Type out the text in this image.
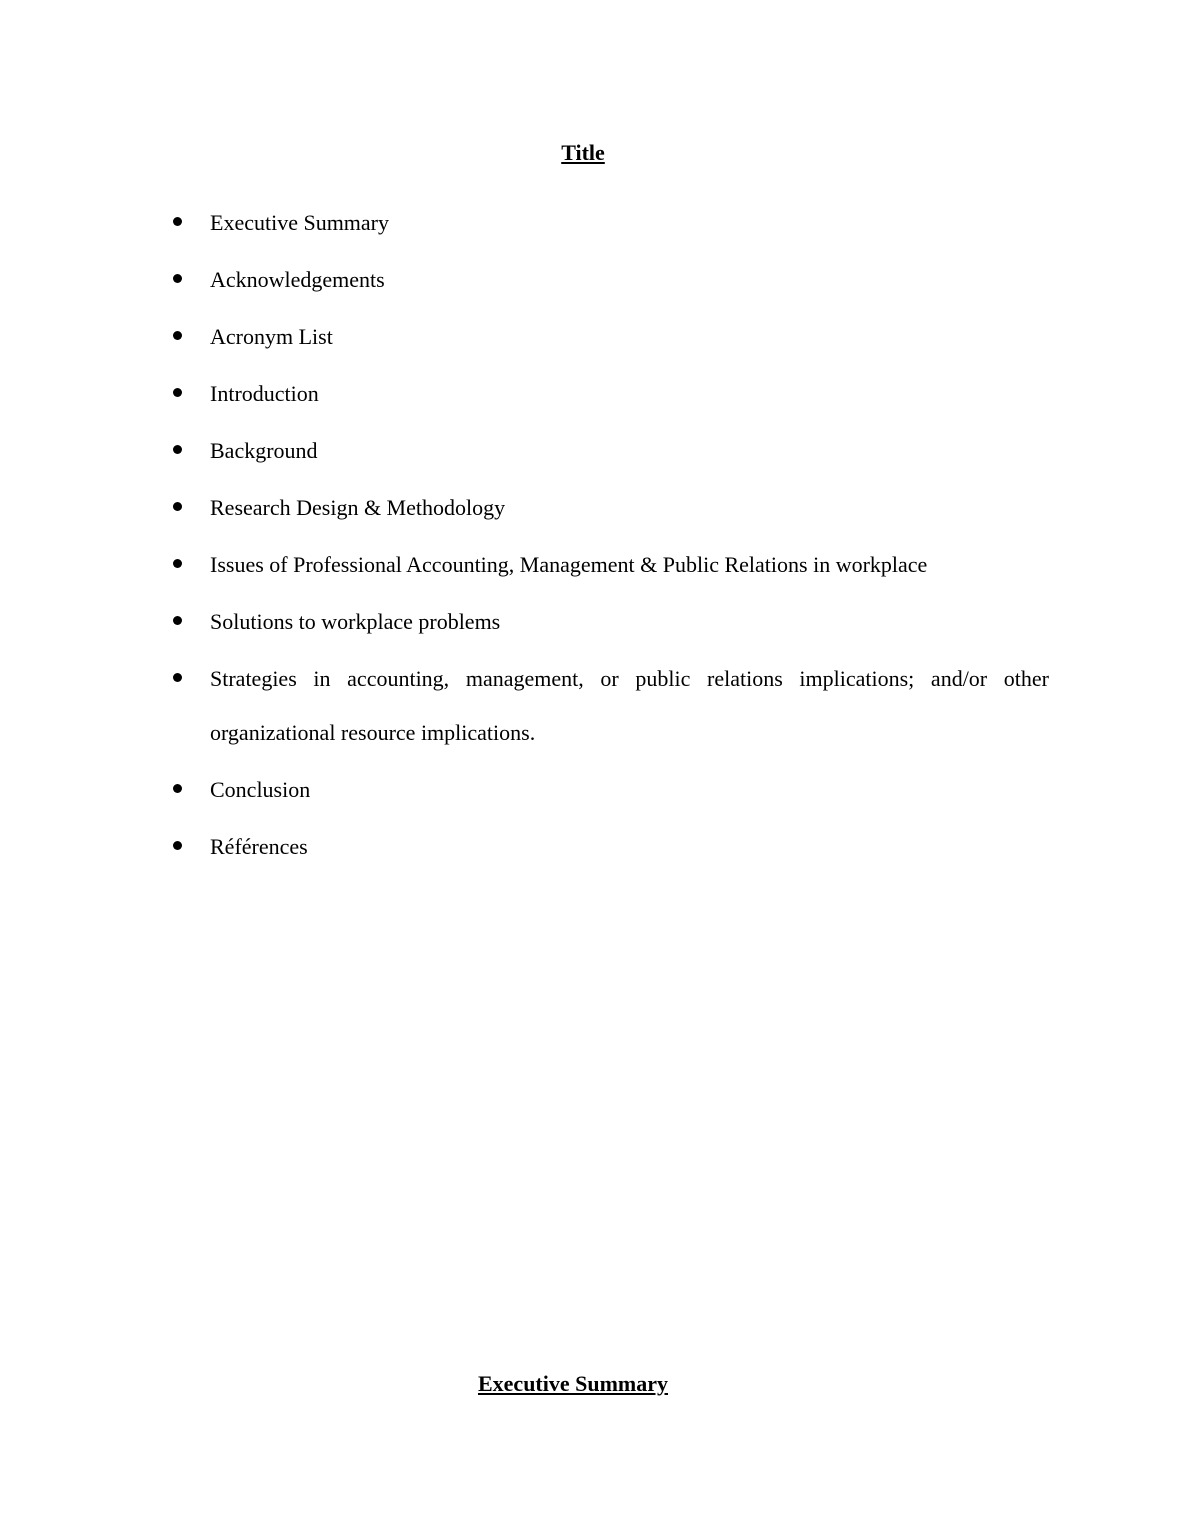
Title
Executive Summary
Acknowledgements
Acronym List
Introduction
Background
Research Design & Methodology
Issues of Professional Accounting, Management & Public Relations in workplace
Solutions to workplace problems
Strategies in accounting, management, or public relations implications; and/or other organizational resource implications.
Conclusion
Références
Executive Summary
